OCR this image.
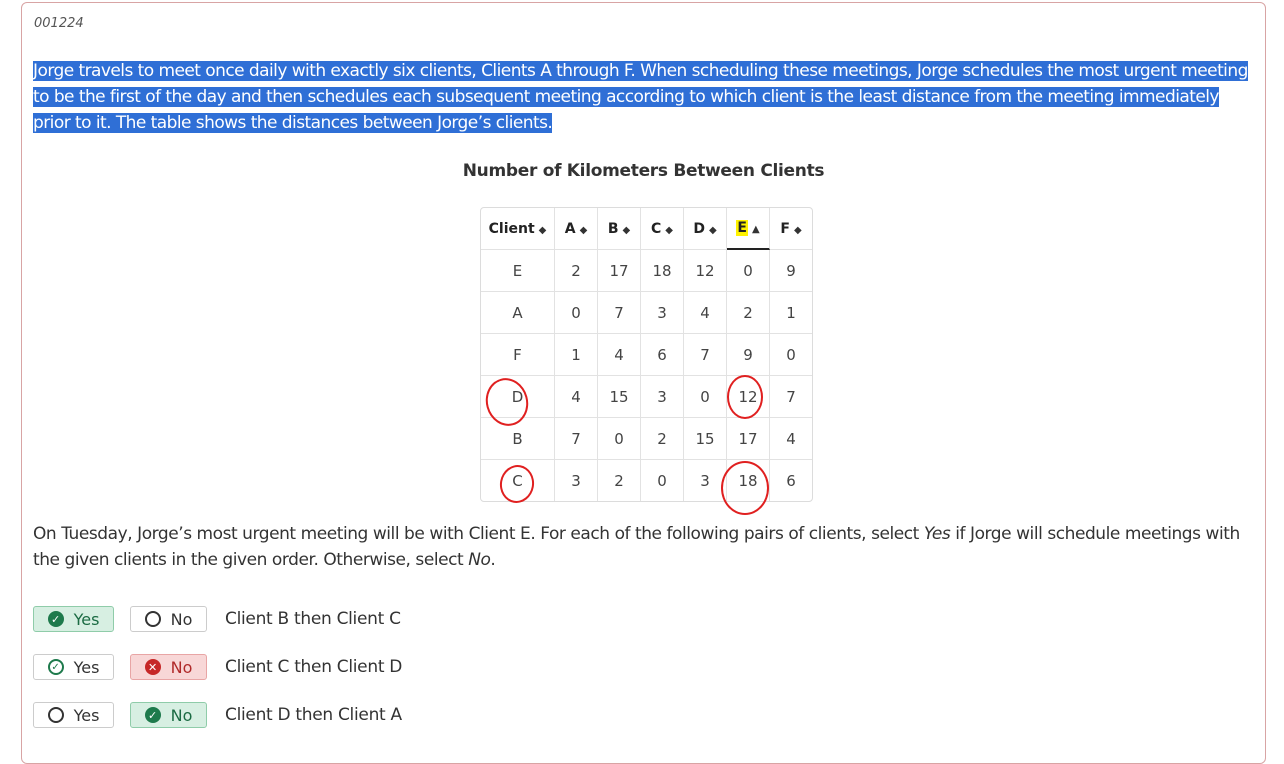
001224
Jorge travels to meet once daily with exactly six clients, Clients A through F. When scheduling these meetings, Jorge schedules the most urgent meeting to be the first of the day and then schedules each subsequent meeting according to which client is the least distance from the meeting immediately prior to it. The table shows the distances between Jorge’s clients.
Number of Kilometers Between Clients
Client ◆	A ◆	B ◆	C ◆	D ◆	E ▲	F ◆
E	2	17	18	12	0	9
A	0	7	3	4	2	1
F	1	4	6	7	9	0
D	4	15	3	0	12	7
B	7	0	2	15	17	4
C	3	2	0	3	18	6
On Tuesday, Jorge’s most urgent meeting will be with Client E. For each of the following pairs of clients, select Yes if Jorge will schedule meetings with the given clients in the given order. Otherwise, select No.
✓ Yes	No Client B then Client C
✓ Yes	✕ No Client C then Client D
Yes	✓ No Client D then Client A
